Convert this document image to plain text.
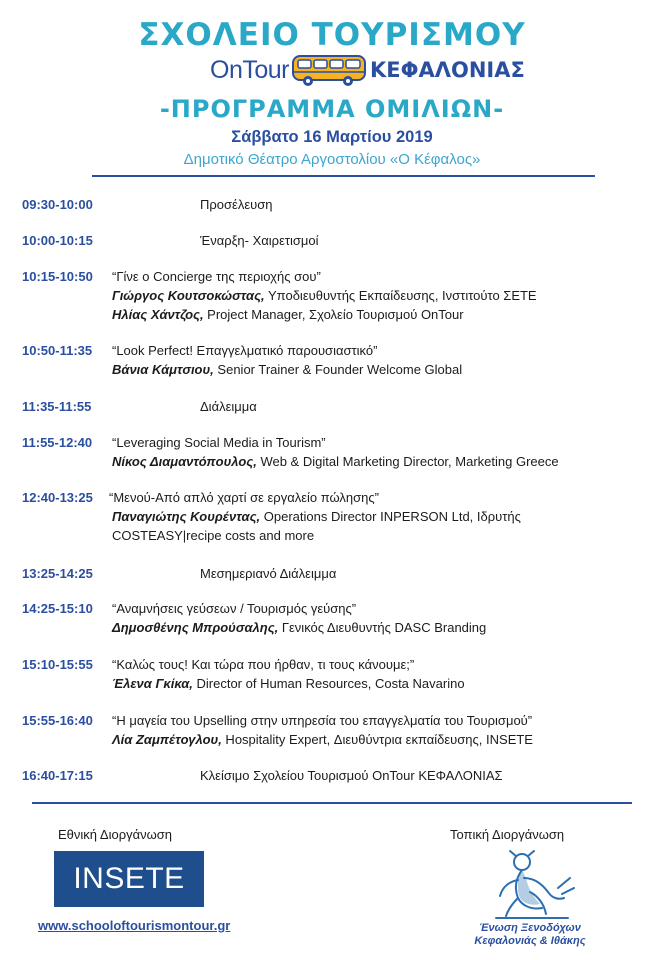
ΣΧΟΛΕΙΟ ΤΟΥΡΙΣΜΟΥ
OnTour	ΚΕΦΑΛΟΝΙΑΣ
-ΠΡΟΓΡΑΜΜΑ ΟΜΙΛΙΩΝ-
Σάββατο 16 Μαρτίου 2019
Δημοτικό Θέατρο Αργοστολίου «Ο Κέφαλος»
09:30-10:00	Προσέλευση
10:00-10:15	Έναρξη- Χαιρετισμοί
10:15-10:50 “Γίνε ο Concierge της περιοχής σου”
Γιώργος Κουτσοκώστας, Υποδιευθυντής Εκπαίδευσης, Ινστιτούτο ΣΕΤΕ
Ηλίας Χάντζος, Project Manager, Σχολείο Τουρισμού OnTour
10:50-11:35 “Look Perfect! Επαγγελματικό παρουσιαστικό”
Βάνια Κάμτσιου, Senior Trainer & Founder Welcome Global
11:35-11:55	Διάλειμμα
11:55-12:40 “Leveraging Social Media in Tourism”
Νίκος Διαμαντόπουλος, Web & Digital Marketing Director, Marketing Greece
12:40-13:25 “Μενού-Από απλό χαρτί σε εργαλείο πώλησης”
Παναγιώτης Κουρέντας, Operations Director INPERSON Ltd, Ιδρυτής
COSTEASY|recipe costs and more
13:25-14:25	Μεσημεριανό Διάλειμμα
14:25-15:10 “Αναμνήσεις γεύσεων / Τουρισμός γεύσης”
Δημοσθένης Μπρούσαλης, Γενικός Διευθυντής DASC Branding
15:10-15:55 “Καλώς τους! Και τώρα που ήρθαν, τι τους κάνουμε;”
Έλενα Γκίκα, Director of Human Resources, Costa Navarino
15:55-16:40 “Η μαγεία του Upselling στην υπηρεσία του επαγγελματία του Τουρισμού”
Λία Ζαμπέτογλου, Hospitality Expert, Διευθύντρια εκπαίδευσης, INSETE
16:40-17:15	Κλείσιμο Σχολείου Τουρισμού OnTour ΚΕΦΑΛΟΝΙΑΣ
Εθνική Διοργάνωση	Τοπική Διοργάνωση
INSETE
www.schooloftourismontour.gr	Ένωση Ξενοδόχων
Κεφαλονιάς & Ιθάκης
